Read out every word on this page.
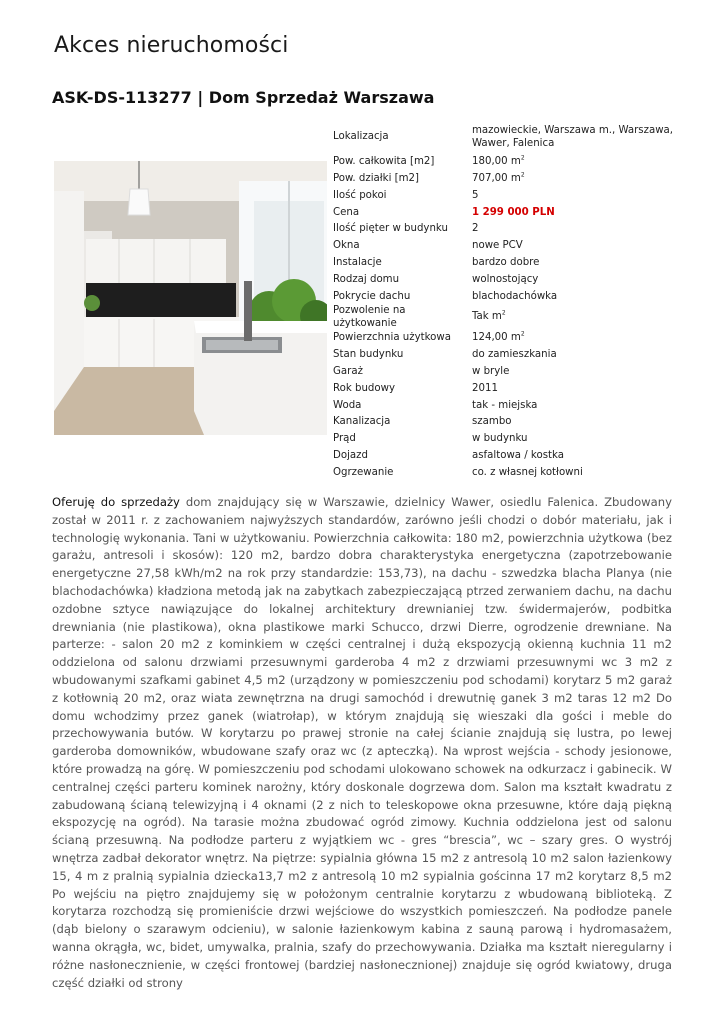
Akces nieruchomości
ASK-DS-113277 | Dom Sprzedaż Warszawa
Lokalizacja	mazowieckie, Warszawa m., Warszawa, Wawer, Falenica
Pow. całkowita [m2]	180,00 $m^2$
Pow. działki [m2]	707,00 $m^2$
Ilość pokoi	5
Cena	1 299 000 PLN
Ilość pięter w budynku	2
Okna	nowe PCV
Instalacje	bardzo dobre
Rodzaj domu	wolnostojący
Pokrycie dachu	blachodachówka
Pozwolenie na użytkowanie	Tak $m^2$
Powierzchnia użytkowa	124,00 $m^2$
Stan budynku	do zamieszkania
Garaż	w bryle
Rok budowy	2011
Woda	tak - miejska
Kanalizacja	szambo
Prąd	w budynku
Dojazd	asfaltowa / kostka
Ogrzewanie	co. z własnej kotłowni

Oferuję do sprzedaży dom znajdujący się w Warszawie, dzielnicy Wawer, osiedlu Falenica. Zbudowany został w 2011 r. z zachowaniem najwyższych standardów, zarówno jeśli chodzi o dobór materiału, jak i technologię wykonania. Tani w użytkowaniu. Powierzchnia całkowita: 180 m2, powierzchnia użytkowa (bez garażu, antresoli i skosów): 120 m2, bardzo dobra charakterystyka energetyczna (zapotrzebowanie energetyczne 27,58 kWh/m2 na rok przy standardzie: 153,73), na dachu - szwedzka blacha Planya (nie blachodachówka) kładziona metodą jak na zabytkach zabezpieczającą ptrzed zerwaniem dachu, na dachu ozdobne sztyce nawiązujące do lokalnej architektury drewnianiej tzw. świdermajerów, podbitka drewniania (nie plastikowa), okna plastikowe marki Schucco, drzwi Dierre, ogrodzenie drewniane. Na parterze: - salon 20 m2 z kominkiem w części centralnej i dużą ekspozycją okienną kuchnia 11 m2 oddzielona od salonu drzwiami przesuwnymi garderoba 4 m2 z drzwiami przesuwnymi wc 3 m2 z wbudowanymi szafkami gabinet 4,5 m2 (urządzony w pomieszczeniu pod schodami) korytarz 5 m2 garaż z kotłownią 20 m2, oraz wiata zewnętrzna na drugi samochód i drewutnię ganek 3 m2 taras 12 m2 Do domu wchodzimy przez ganek (wiatrołap), w którym znajdują się wieszaki dla gości i meble do przechowywania butów. W korytarzu po prawej stronie na całej ścianie znajdują się lustra, po lewej garderoba domowników, wbudowane szafy oraz wc (z apteczką). Na wprost wejścia - schody jesionowe, które prowadzą na górę. W pomieszczeniu pod schodami ulokowano schowek na odkurzacz i gabinecik. W centralnej części parteru kominek narożny, który doskonale dogrzewa dom. Salon ma kształt kwadratu z zabudowaną ścianą telewizyjną i 4 oknami (2 z nich to teleskopowe okna przesuwne, które dają piękną ekspozycję na ogród). Na tarasie można zbudować ogród zimowy. Kuchnia oddzielona jest od salonu ścianą przesuwną. Na podłodze parteru z wyjątkiem wc - gres “brescia”, wc – szary gres. O wystrój wnętrza zadbał dekorator wnętrz. Na piętrze: sypialnia główna 15 m2 z antresolą 10 m2 salon łazienkowy 15, 4 m z pralnią sypialnia dziecka13,7 m2 z antresolą 10 m2 sypialnia gościnna 17 m2 korytarz 8,5 m2 Po wejściu na piętro znajdujemy się w położonym centralnie korytarzu z wbudowaną biblioteką. Z korytarza rozchodzą się promieniście drzwi wejściowe do wszystkich pomieszczeń. Na podłodze panele (dąb bielony o szarawym odcieniu), w salonie łazienkowym kabina z sauną parową i hydromasażem, wanna okrągła, wc, bidet, umywalka, pralnia, szafy do przechowywania. Działka ma kształt nieregularny i różne nasłonecznienie, w części frontowej (bardziej nasłonecznionej) znajduje się ogród kwiatowy, druga część działki od strony
